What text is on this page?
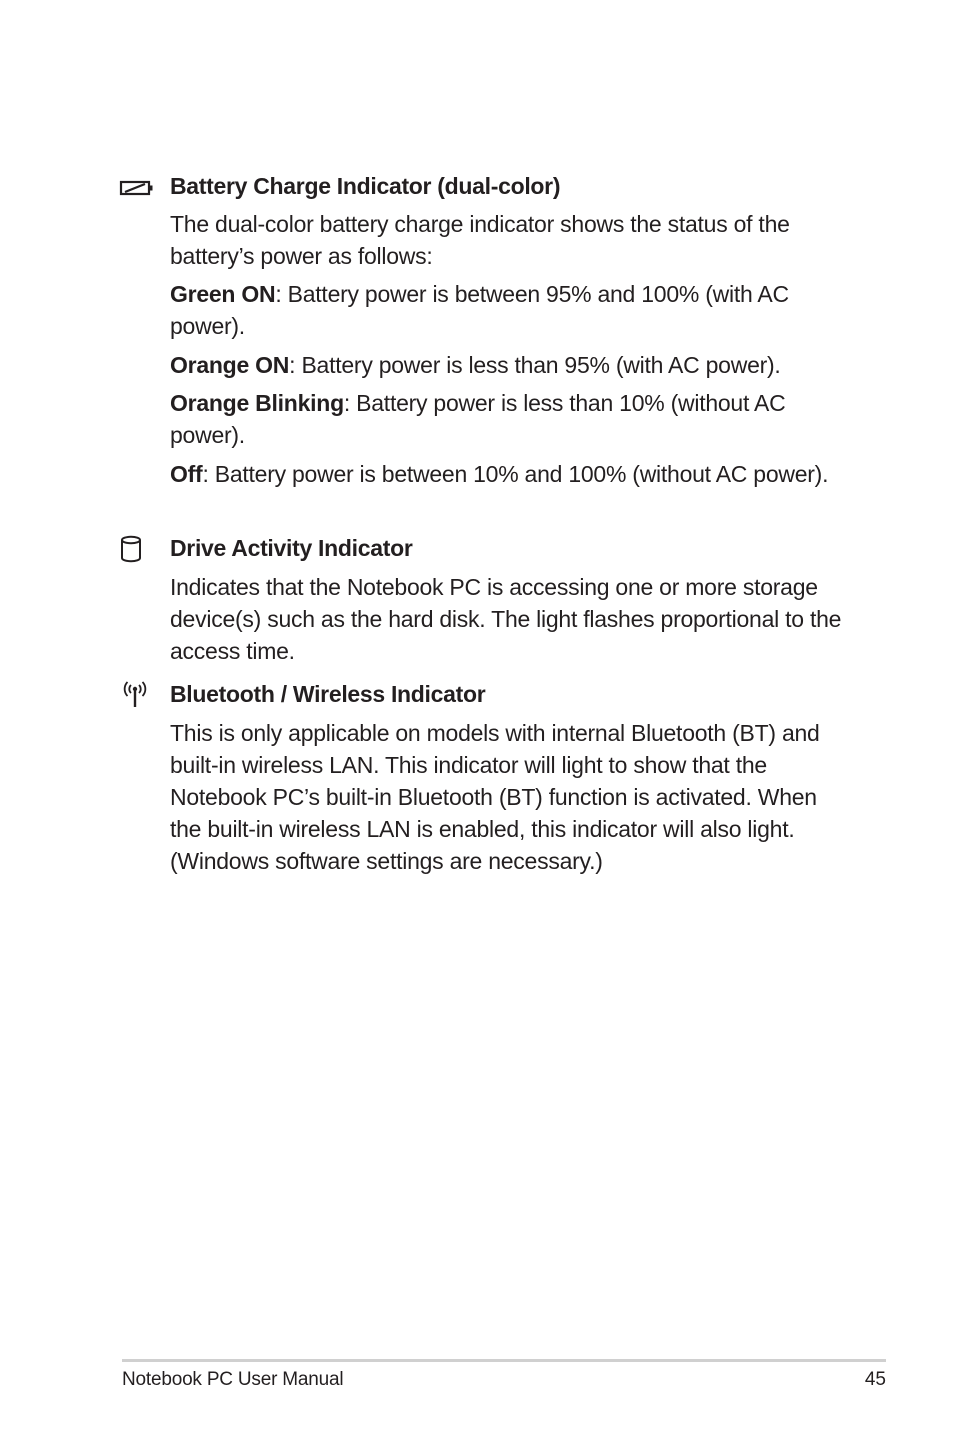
Battery Charge Indicator (dual-color)
The dual-color battery charge indicator shows the status of the battery’s power as follows:
Green ON: Battery power is between 95% and 100% (with AC power).
Orange ON: Battery power is less than 95% (with AC power).
Orange Blinking: Battery power is less than 10% (without AC power).
Off: Battery power is between 10% and 100% (without AC power).
Drive Activity Indicator
Indicates that the Notebook PC is accessing one or more storage device(s) such as the hard disk. The light flashes proportional to the access time.
Bluetooth / Wireless Indicator
This is only applicable on models with internal Bluetooth (BT) and built-in wireless LAN. This indicator will light to show that the Notebook PC’s built-in Bluetooth (BT) function is activated. When the built-in wireless LAN is enabled, this indicator will also light. (Windows software settings are necessary.)
Notebook PC User Manual	45
